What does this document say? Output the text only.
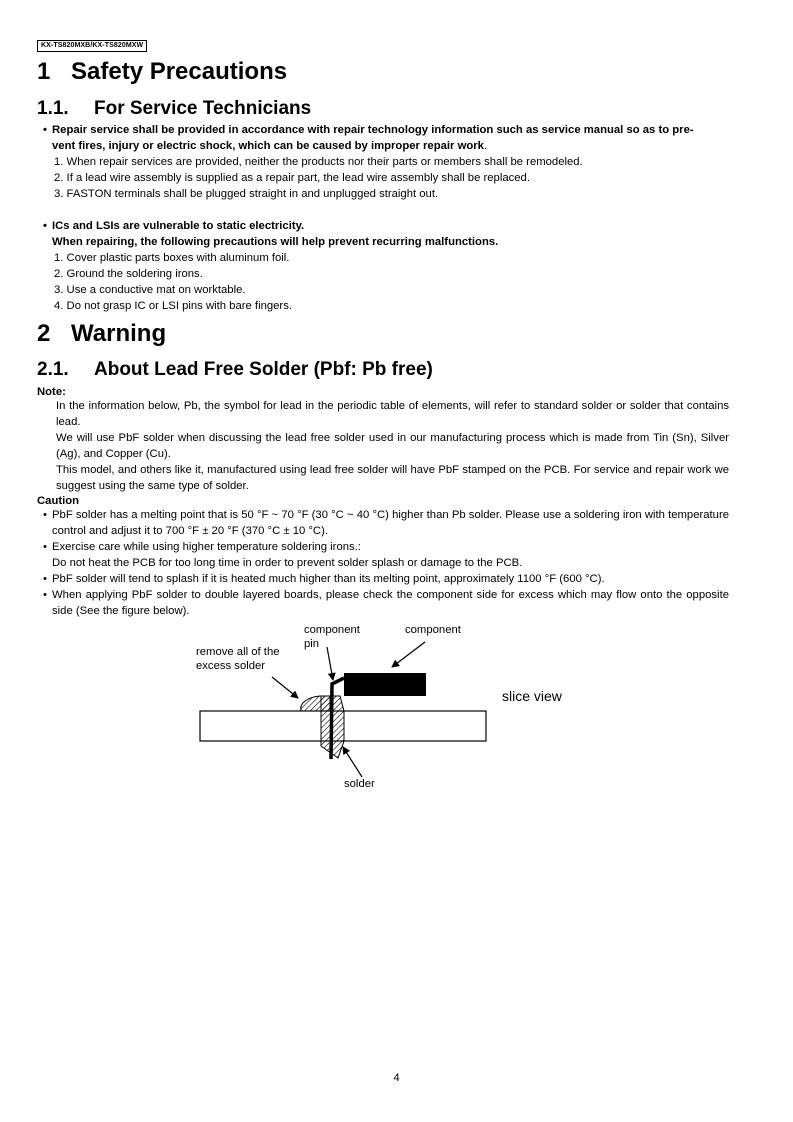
KX-TS820MXB/KX-TS820MXW
1 Safety Precautions
1.1. For Service Technicians
• Repair service shall be provided in accordance with repair technology information such as service manual so as to pre-
vent fires, injury or electric shock, which can be caused by improper repair work.
1. When repair services are provided, neither the products nor their parts or members shall be remodeled.
2. If a lead wire assembly is supplied as a repair part, the lead wire assembly shall be replaced.
3. FASTON terminals shall be plugged straight in and unplugged straight out.
• ICs and LSIs are vulnerable to static electricity.
When repairing, the following precautions will help prevent recurring malfunctions.
1. Cover plastic parts boxes with aluminum foil.
2. Ground the soldering irons.
3. Use a conductive mat on worktable.
4. Do not grasp IC or LSI pins with bare fingers.
2 Warning
2.1. About Lead Free Solder (Pbf: Pb free)
Note:
In the information below, Pb, the symbol for lead in the periodic table of elements, will refer to standard solder or solder that contains lead.
We will use PbF solder when discussing the lead free solder used in our manufacturing process which is made from Tin (Sn), Silver (Ag), and Copper (Cu).
This model, and others like it, manufactured using lead free solder will have PbF stamped on the PCB. For service and repair work we suggest using the same type of solder.
Caution
• PbF solder has a melting point that is 50 °F ~ 70 °F (30 °C ~ 40 °C) higher than Pb solder. Please use a soldering iron with temperature control and adjust it to 700 °F ± 20 °F (370 °C ± 10 °C).
• Exercise care while using higher temperature soldering irons.:
Do not heat the PCB for too long time in order to prevent solder splash or damage to the PCB.
• PbF solder will tend to splash if it is heated much higher than its melting point, approximately 1100 °F (600 °C).
• When applying PbF solder to double layered boards, please check the component side for excess which may flow onto the opposite side (See the figure below).
component
pin
component
remove all of the
excess solder
slice view
solder
4
